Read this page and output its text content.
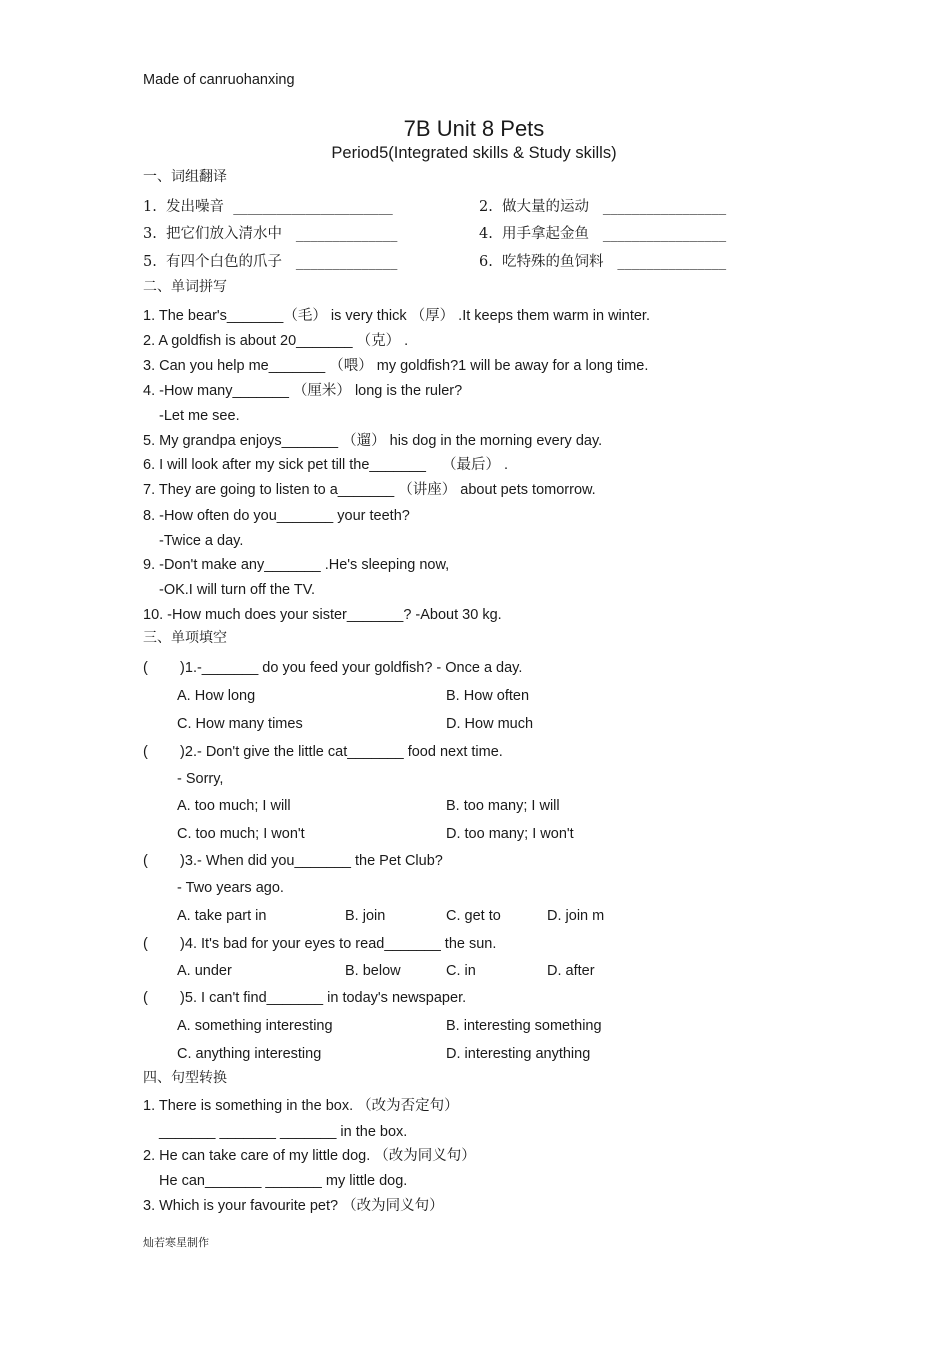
Made of canruohanxing
7B Unit 8 Pets
Period5(Integrated skills & Study skills)
一、词组翻译
1.  发出噪音  ______________________	2.  做大量的运动   _________________
3.  把它们放入清水中   ______________	4.  用手拿起金鱼   _________________
5.  有四个白色的爪子   ______________	6.  吃特殊的鱼饲料   _______________
二、单词拼写
1. The bear's_______（毛） is very thick （厚） .It keeps them warm in winter.
2. A goldfish is about 20_______ （克） .
3. Can you help me_______ （喂） my goldfish?1 will be away for a long time.
4. -How many_______ （厘米） long is the ruler?
-Let me see.
5. My grandpa enjoys_______ （遛） his dog in the morning every day.
6. I will look after my sick pet till the_______    （最后） .
7. They are going to listen to a_______ （讲座） about pets tomorrow.
8. -How often do you_______ your teeth?
-Twice a day.
9. -Don't make any_______ .He's sleeping now,
-OK.I will turn off the TV.
10. -How much does your sister_______? -About 30 kg.
三、单项填空
(        )1.-_______ do you feed your goldfish? - Once a day.
A. How long	B. How often
C. How many times	D. How much
(        )2.- Don't give the little cat_______ food next time.
- Sorry,
A. too much; I will	B. too many; I will
C. too much; I won't	D. too many; I won't
(        )3.- When did you_______ the Pet Club?
- Two years ago.
A. take part in	B. join	C. get to	D. join m
(        )4. It's bad for your eyes to read_______ the sun.
A. under	B. below	C. in	D. after
(        )5. I can't find_______ in today's newspaper.
A. something interesting	B. interesting something
C. anything interesting	D. interesting anything
四、句型转换
1. There is something in the box. （改为否定句）
_______ _______ _______ in the box.
2. He can take care of my little dog. （改为同义句）
He can_______ _______ my little dog.
3. Which is your favourite pet? （改为同义句）
灿若寒星制作
